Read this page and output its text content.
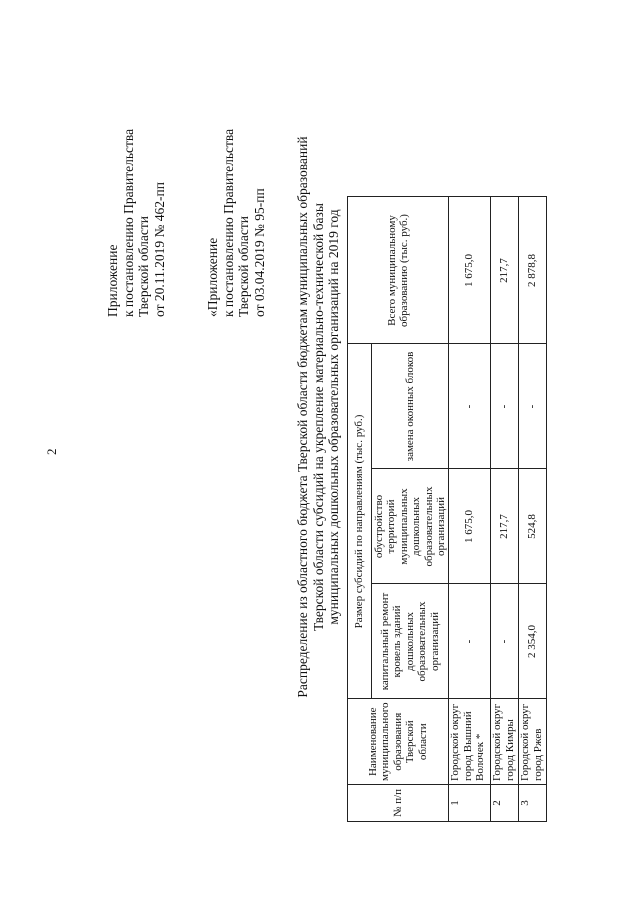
2
Приложение к постановлению Правительства Тверской области от 20.11.2019 № 462-пп	«Приложение к постановлению Правительства Тверской области от 03.04.2019 № 95-пп Распределение из областного бюджета Тверской области бюджетам муниципальных образований Тверской области субсидий на укрепление материально-технической базы муниципальных дошкольных образовательных организаций на 2019 год
№ п/п	Наименование муниципального образования Тверской области	Размер субсидий по направлениям (тыс. руб.)			Всего муниципальному образованию (тыс. руб.)
		капитальный ремонт кровель зданий дошкольных образовательных организаций	обустройство территорий муниципальных дошкольных образовательных организаций	замена оконных блоков	
1	Городской округ город Вышний Волочек *	-	1 675,0	-	1 675,0
2	Городской округ город Кимры	-	217,7	-	217,7
3	Городской округ город Ржев	2 354,0	524,8	-	2 878,8
